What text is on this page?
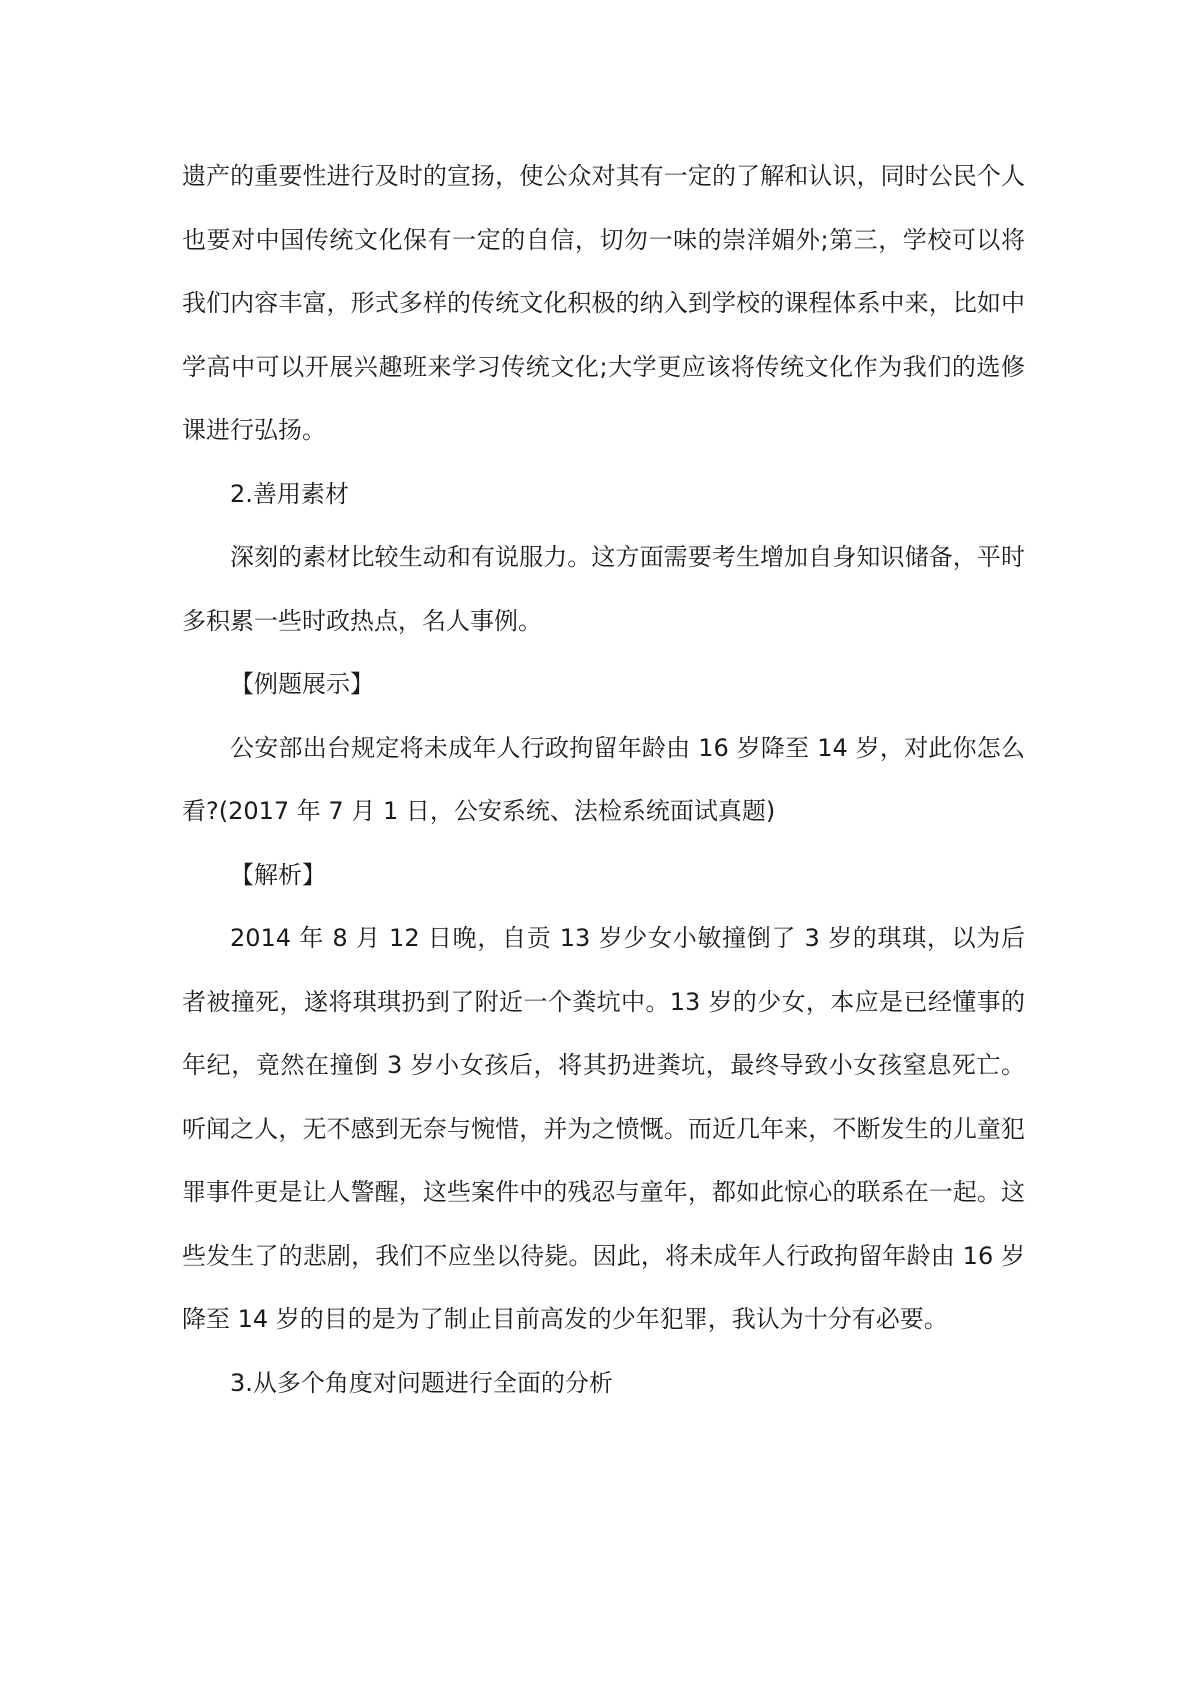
遗产的重要性进行及时的宣扬，使公众对其有一定的了解和认识，同时公民个人也要对中国传统文化保有一定的自信，切勿一味的崇洋媚外;第三，学校可以将我们内容丰富，形式多样的传统文化积极的纳入到学校的课程体系中来，比如中学高中可以开展兴趣班来学习传统文化;大学更应该将传统文化作为我们的选修课进行弘扬。

2.善用素材

深刻的素材比较生动和有说服力。这方面需要考生增加自身知识储备，平时多积累一些时政热点，名人事例。

【例题展示】

公安部出台规定将未成年人行政拘留年龄由 16 岁降至 14 岁，对此你怎么看?(2017 年 7 月 1 日，公安系统、法检系统面试真题)

【解析】

2014 年 8 月 12 日晚，自贡 13 岁少女小敏撞倒了 3 岁的琪琪，以为后者被撞死，遂将琪琪扔到了附近一个粪坑中。13 岁的少女，本应是已经懂事的年纪，竟然在撞倒 3 岁小女孩后，将其扔进粪坑，最终导致小女孩窒息死亡。听闻之人，无不感到无奈与惋惜，并为之愤慨。而近几年来，不断发生的儿童犯罪事件更是让人警醒，这些案件中的残忍与童年，都如此惊心的联系在一起。这些发生了的悲剧，我们不应坐以待毙。因此，将未成年人行政拘留年龄由 16 岁降至 14 岁的目的是为了制止目前高发的少年犯罪，我认为十分有必要。

3.从多个角度对问题进行全面的分析
